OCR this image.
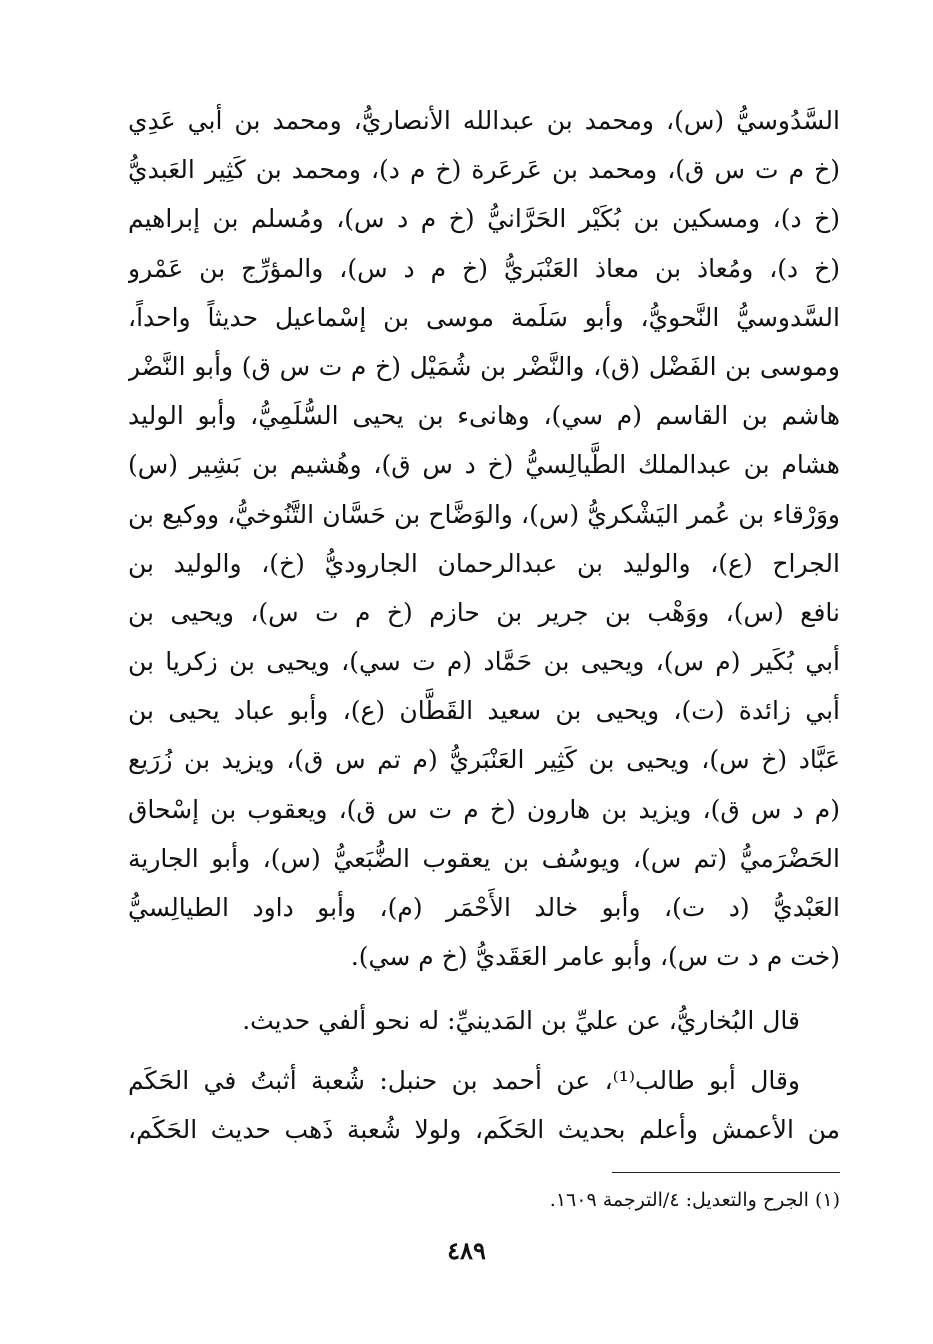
السَّدُوسيُّ (س)، ومحمد بن عبدالله الأنصاريُّ، ومحمد بن أبي عَدِي
(خ م ت س ق)، ومحمد بن عَرعَرة (خ م د)، ومحمد بن كَثِير العَبديُّ
(خ د)، ومسكين بن بُكَيْر الحَرَّانيُّ (خ م د س)، ومُسلم بن إبراهيم
(خ د)، ومُعاذ بن معاذ العَنْبَريُّ (خ م د س)، والمؤرِّج بن عَمْرو
السَّدوسيُّ النَّحويُّ، وأبو سَلَمة موسى بن إسْماعيل حديثاً واحداً،
وموسى بن الفَضْل (ق)، والنَّضْر بن شُمَيْل (خ م ت س ق) وأبو النَّضْر
هاشم بن القاسم (م سي)، وهانىء بن يحيى السُّلَمِيُّ، وأبو الوليد
هشام بن عبدالملك الطَّيالِسيُّ (خ د س ق)، وهُشيم بن بَشِير (س)
ووَرْقاء بن عُمر اليَشْكريُّ (س)، والوَضَّاح بن حَسَّان التَّنُوخيُّ، ووكيع بن
الجراح (ع)، والوليد بن عبدالرحمان الجاروديُّ (خ)، والوليد بن
نافع (س)، ووَهْب بن جرير بن حازم (خ م ت س)، ويحيى بن
أبي بُكَير (م س)، ويحيى بن حَمَّاد (م ت سي)، ويحيى بن زكريا بن
أبي زائدة (ت)، ويحيى بن سعيد القَطَّان (ع)، وأبو عباد يحيى بن
عَبَّاد (خ س)، ويحيى بن كَثِير العَنْبَريُّ (م تم س ق)، ويزيد بن زُرَيع
(م د س ق)، ويزيد بن هارون (خ م ت س ق)، ويعقوب بن إسْحاق
الحَضْرَميُّ (تم س)، ويوسُف بن يعقوب الضُّبَعيُّ (س)، وأبو الجارية
العَبْديُّ (د ت)، وأبو خالد الأَحْمَر (م)، وأبو داود الطيالِسيُّ
(خت م د ت س)، وأبو عامر العَقَديُّ (خ م سي).
قال البُخاريُّ، عن عليِّ بن المَدينيِّ: له نحو ألفي حديث.
وقال أبو طالب⁽¹⁾، عن أحمد بن حنبل: شُعبة أثبتُ في الحَكَم
من الأعمش وأعلم بحديث الحَكَم، ولولا شُعبة ذَهب حديث الحَكَم،
(١) الجرح والتعديل: ٤/الترجمة ١٦٠٩.
٤٨٩
